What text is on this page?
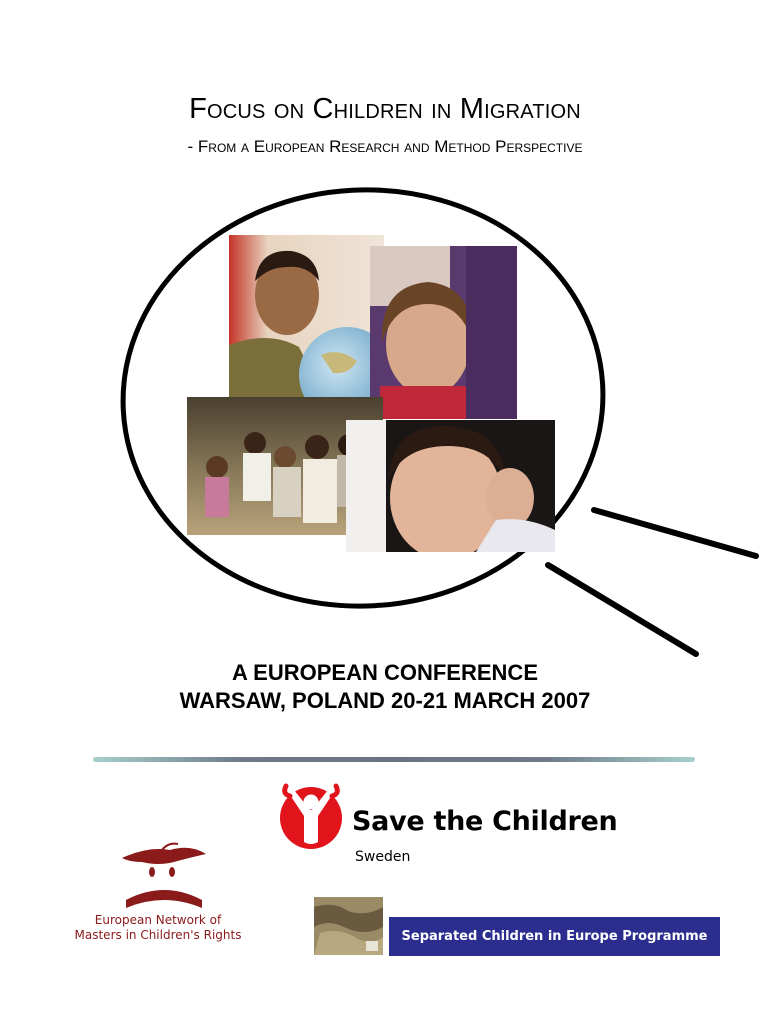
Focus on Children in Migration
- From a European Research and Method Perspective
A EUROPEAN CONFERENCE
WARSAW, POLAND 20-21 MARCH 2007
Save the Children
Sweden
European Network of
Masters in Children's Rights	Separated Children in Europe Programme
